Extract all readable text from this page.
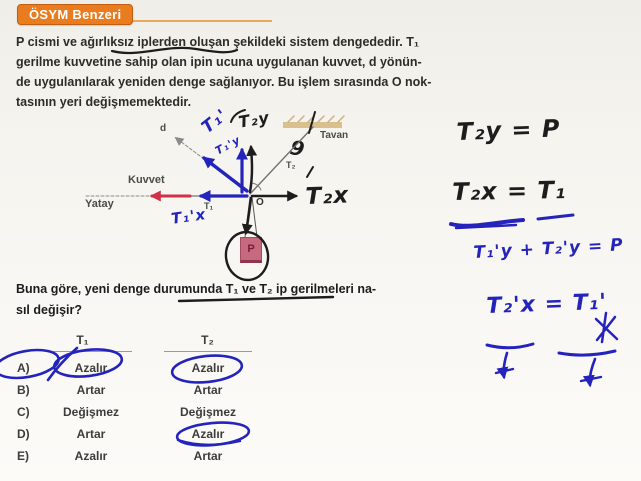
ÖSYM Benzeri
P cismi ve ağırlıksız iplerden oluşan şekildeki sistem dengededir. T₁
gerilme kuvvetine sahip olan ipin ucuna uygulanan kuvvet, d yönün-
de uygulanılarak yeniden denge sağlanıyor. Bu işlem sırasında O nok-
tasının yeri değişmemektedir.
Tavan
d
Kuvvet
Yatay	T₁
T₂
O
P
Buna göre, yeni denge durumunda T₁ ve T₂ ip gerilmeleri na-
sıl değişir?
T₁	T₂
A)	Azalır	Azalır
B)	Artar	Artar
C)	Değişmez	Değişmez
D)	Artar	Azalır
E)	Azalır	Artar
T₁'
T₁'y
T₂y
9
T₂x
T₁'x
T₂y = P
T₂x = T₁
T₁'y + T₂'y = P
T₂'x = T₁'
